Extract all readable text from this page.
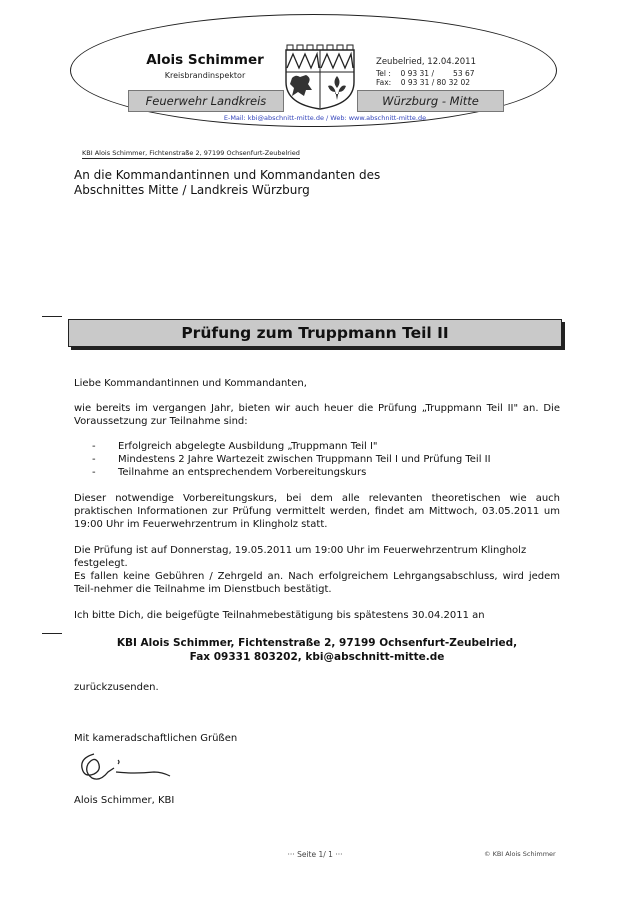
Alois Schimmer
Kreisbrandinspektor
Zeubelried, 12.04.2011
Tel :    0 93 31 /        53 67
Fax:    0 93 31 / 80 32 02
Feuerwehr Landkreis	Würzburg - Mitte
E-Mail: kbi@abschnitt-mitte.de / Web: www.abschnitt-mitte.de
KBI Alois Schimmer, Fichtenstraße 2, 97199 Ochsenfurt-Zeubelried
An die Kommandantinnen und Kommandanten des
Abschnittes Mitte / Landkreis Würzburg
Prüfung zum Truppmann Teil II
Liebe Kommandantinnen und Kommandanten,
wie bereits im vergangen Jahr, bieten wir auch heuer die Prüfung „Truppmann Teil II" an. Die Voraussetzung zur Teilnahme sind:
-	Erfolgreich abgelegte Ausbildung „Truppmann Teil I"
-	Mindestens 2 Jahre Wartezeit zwischen Truppmann Teil I und Prüfung Teil II
-	Teilnahme an entsprechendem Vorbereitungskurs
Dieser notwendige Vorbereitungskurs, bei dem alle relevanten theoretischen wie auch praktischen Informationen zur Prüfung vermittelt werden, findet am Mittwoch, 03.05.2011 um 19:00 Uhr im Feuerwehrzentrum in Klingholz statt.
Die Prüfung ist auf Donnerstag, 19.05.2011 um 19:00 Uhr im Feuerwehrzentrum Klingholz festgelegt.
Es fallen keine Gebühren / Zehrgeld an. Nach erfolgreichem Lehrgangsabschluss, wird jedem Teil-nehmer die Teilnahme im Dienstbuch bestätigt.
Ich bitte Dich, die beigefügte Teilnahmebestätigung bis spätestens 30.04.2011 an
KBI Alois Schimmer, Fichtenstraße 2, 97199 Ochsenfurt-Zeubelried,
Fax 09331 803202, kbi@abschnitt-mitte.de
zurückzusenden.
Mit kameradschaftlichen Grüßen
Alois Schimmer, KBI
··· Seite 1/ 1 ···	© KBI Alois Schimmer
